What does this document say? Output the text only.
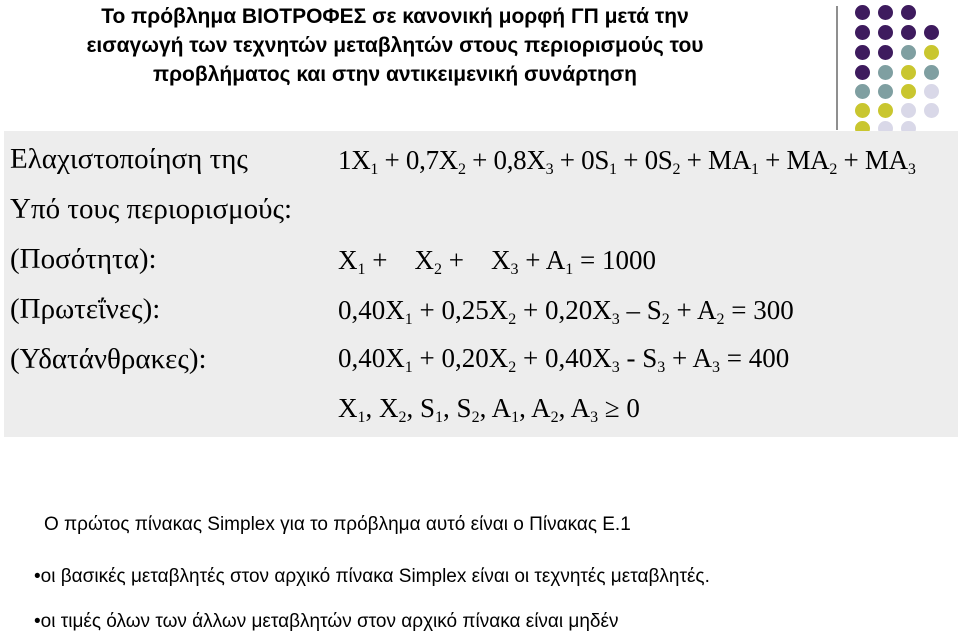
Το πρόβλημα ΒΙΟΤΡΟΦΕΣ σε κανονική μορφή ΓΠ μετά την
εισαγωγή των τεχνητών μεταβλητών στους περιορισμούς του
προβλήματος και στην αντικειμενική συνάρτηση
Ελαχιστοποίηση της
Υπό τους περιορισμούς:
(Ποσότητα):
(Πρωτεΐνες):
(Υδατάνθρακες):
$1X_1 + 0,7X_2 + 0,8X_3 + 0S_1 + 0S_2 + MA_1 + MA_2 + MA_3$
$X_1$ +    $X_2$ +    $X_3 + A_1 = 1000$
$0,40X_1 + 0,25X_2 + 0,20X_3 - S_2 + A_2 = 300$
$0,40X_1 + 0,20X_2 + 0,40X_3 - S_3 + A_3 = 400$
$X_1$, $X_2$, $S_1$, $S_2$, $A_1$, $A_2$, $A_3 \ge 0$
Ο πρώτος πίνακας Simplex για το πρόβλημα αυτό είναι ο Πίνακας Ε.1
•οι βασικές μεταβλητές στον αρχικό πίνακα Simplex είναι οι τεχνητές μεταβλητές.
•οι τιμές όλων των άλλων μεταβλητών στον αρχικό πίνακα είναι μηδέν
